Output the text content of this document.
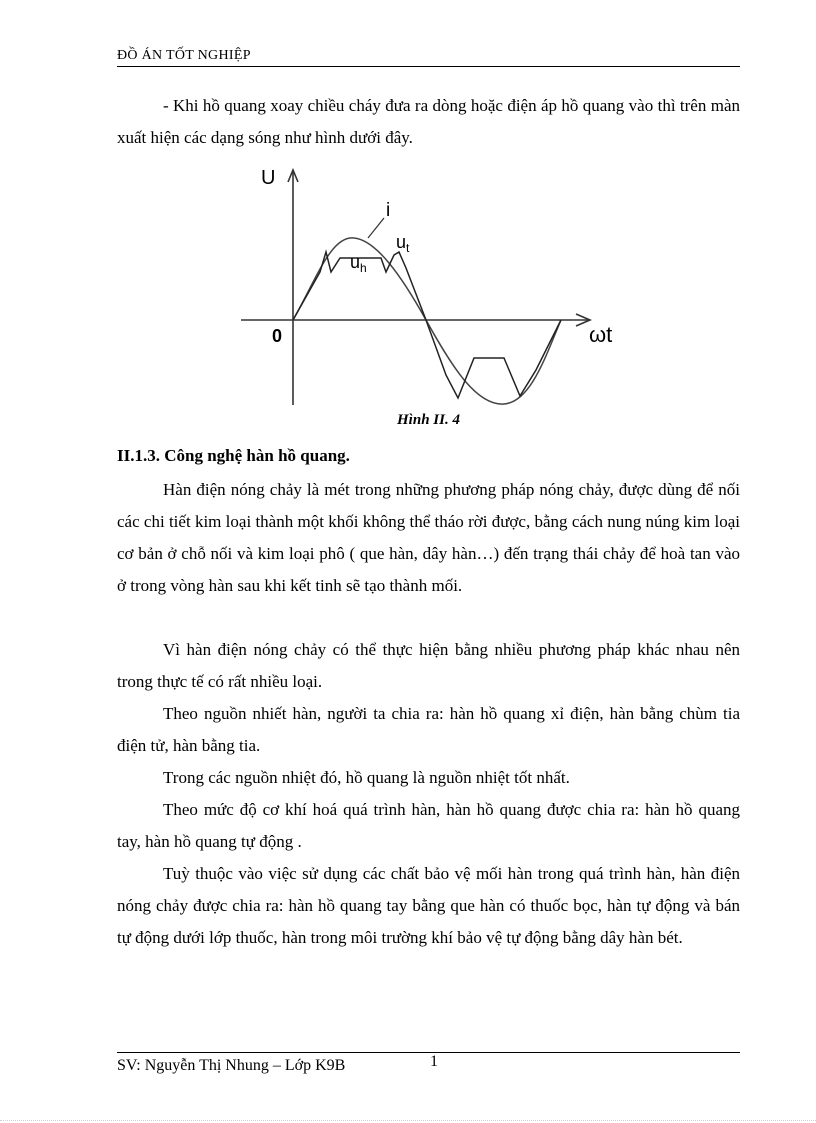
ĐỒ ÁN TỐT NGHIỆP
- Khi hồ quang xoay chiều cháy đưa ra dòng hoặc điện áp hồ quang vào thì trên màn xuất hiện các dạng sóng như hình dưới đây.
U
ωt
0
i
$u_h$
$u_t$
Hình II. 4
II.1.3. Công nghệ hàn hồ quang.
Hàn điện nóng chảy là mét trong những phương pháp nóng chảy, được dùng để nối các chi tiết kim loại thành một khối không thể tháo rời được, bằng cách nung núng kim loại cơ bản ở chỗ nối và kim loại phô ( que hàn, dây hàn…) đến trạng thái chảy để hoà tan vào ở trong vòng hàn sau khi kết tinh sẽ tạo thành mối.
Vì hàn điện nóng chảy có thể thực hiện bằng nhiều phương pháp khác nhau nên trong thực tế có rất nhiều loại.
Theo nguồn nhiết hàn, người ta chia ra: hàn hồ quang xỉ điện, hàn bằng chùm tia điện tử, hàn bằng tia.
Trong các nguồn nhiệt đó, hồ quang là nguồn nhiệt tốt nhất.
Theo mức độ cơ khí hoá quá trình hàn, hàn hồ quang được chia ra: hàn hồ quang tay, hàn hồ quang tự động .
Tuỳ thuộc vào việc sử dụng các chất bảo vệ mối hàn trong quá trình hàn, hàn điện nóng chảy được chia ra: hàn hồ quang tay bằng que hàn có thuốc bọc, hàn tự động và bán tự động dưới lớp thuốc, hàn trong môi trường khí bảo vệ tự động bằng dây hàn bét.
SV: Nguyễn Thị Nhung – Lớp K9B	1
